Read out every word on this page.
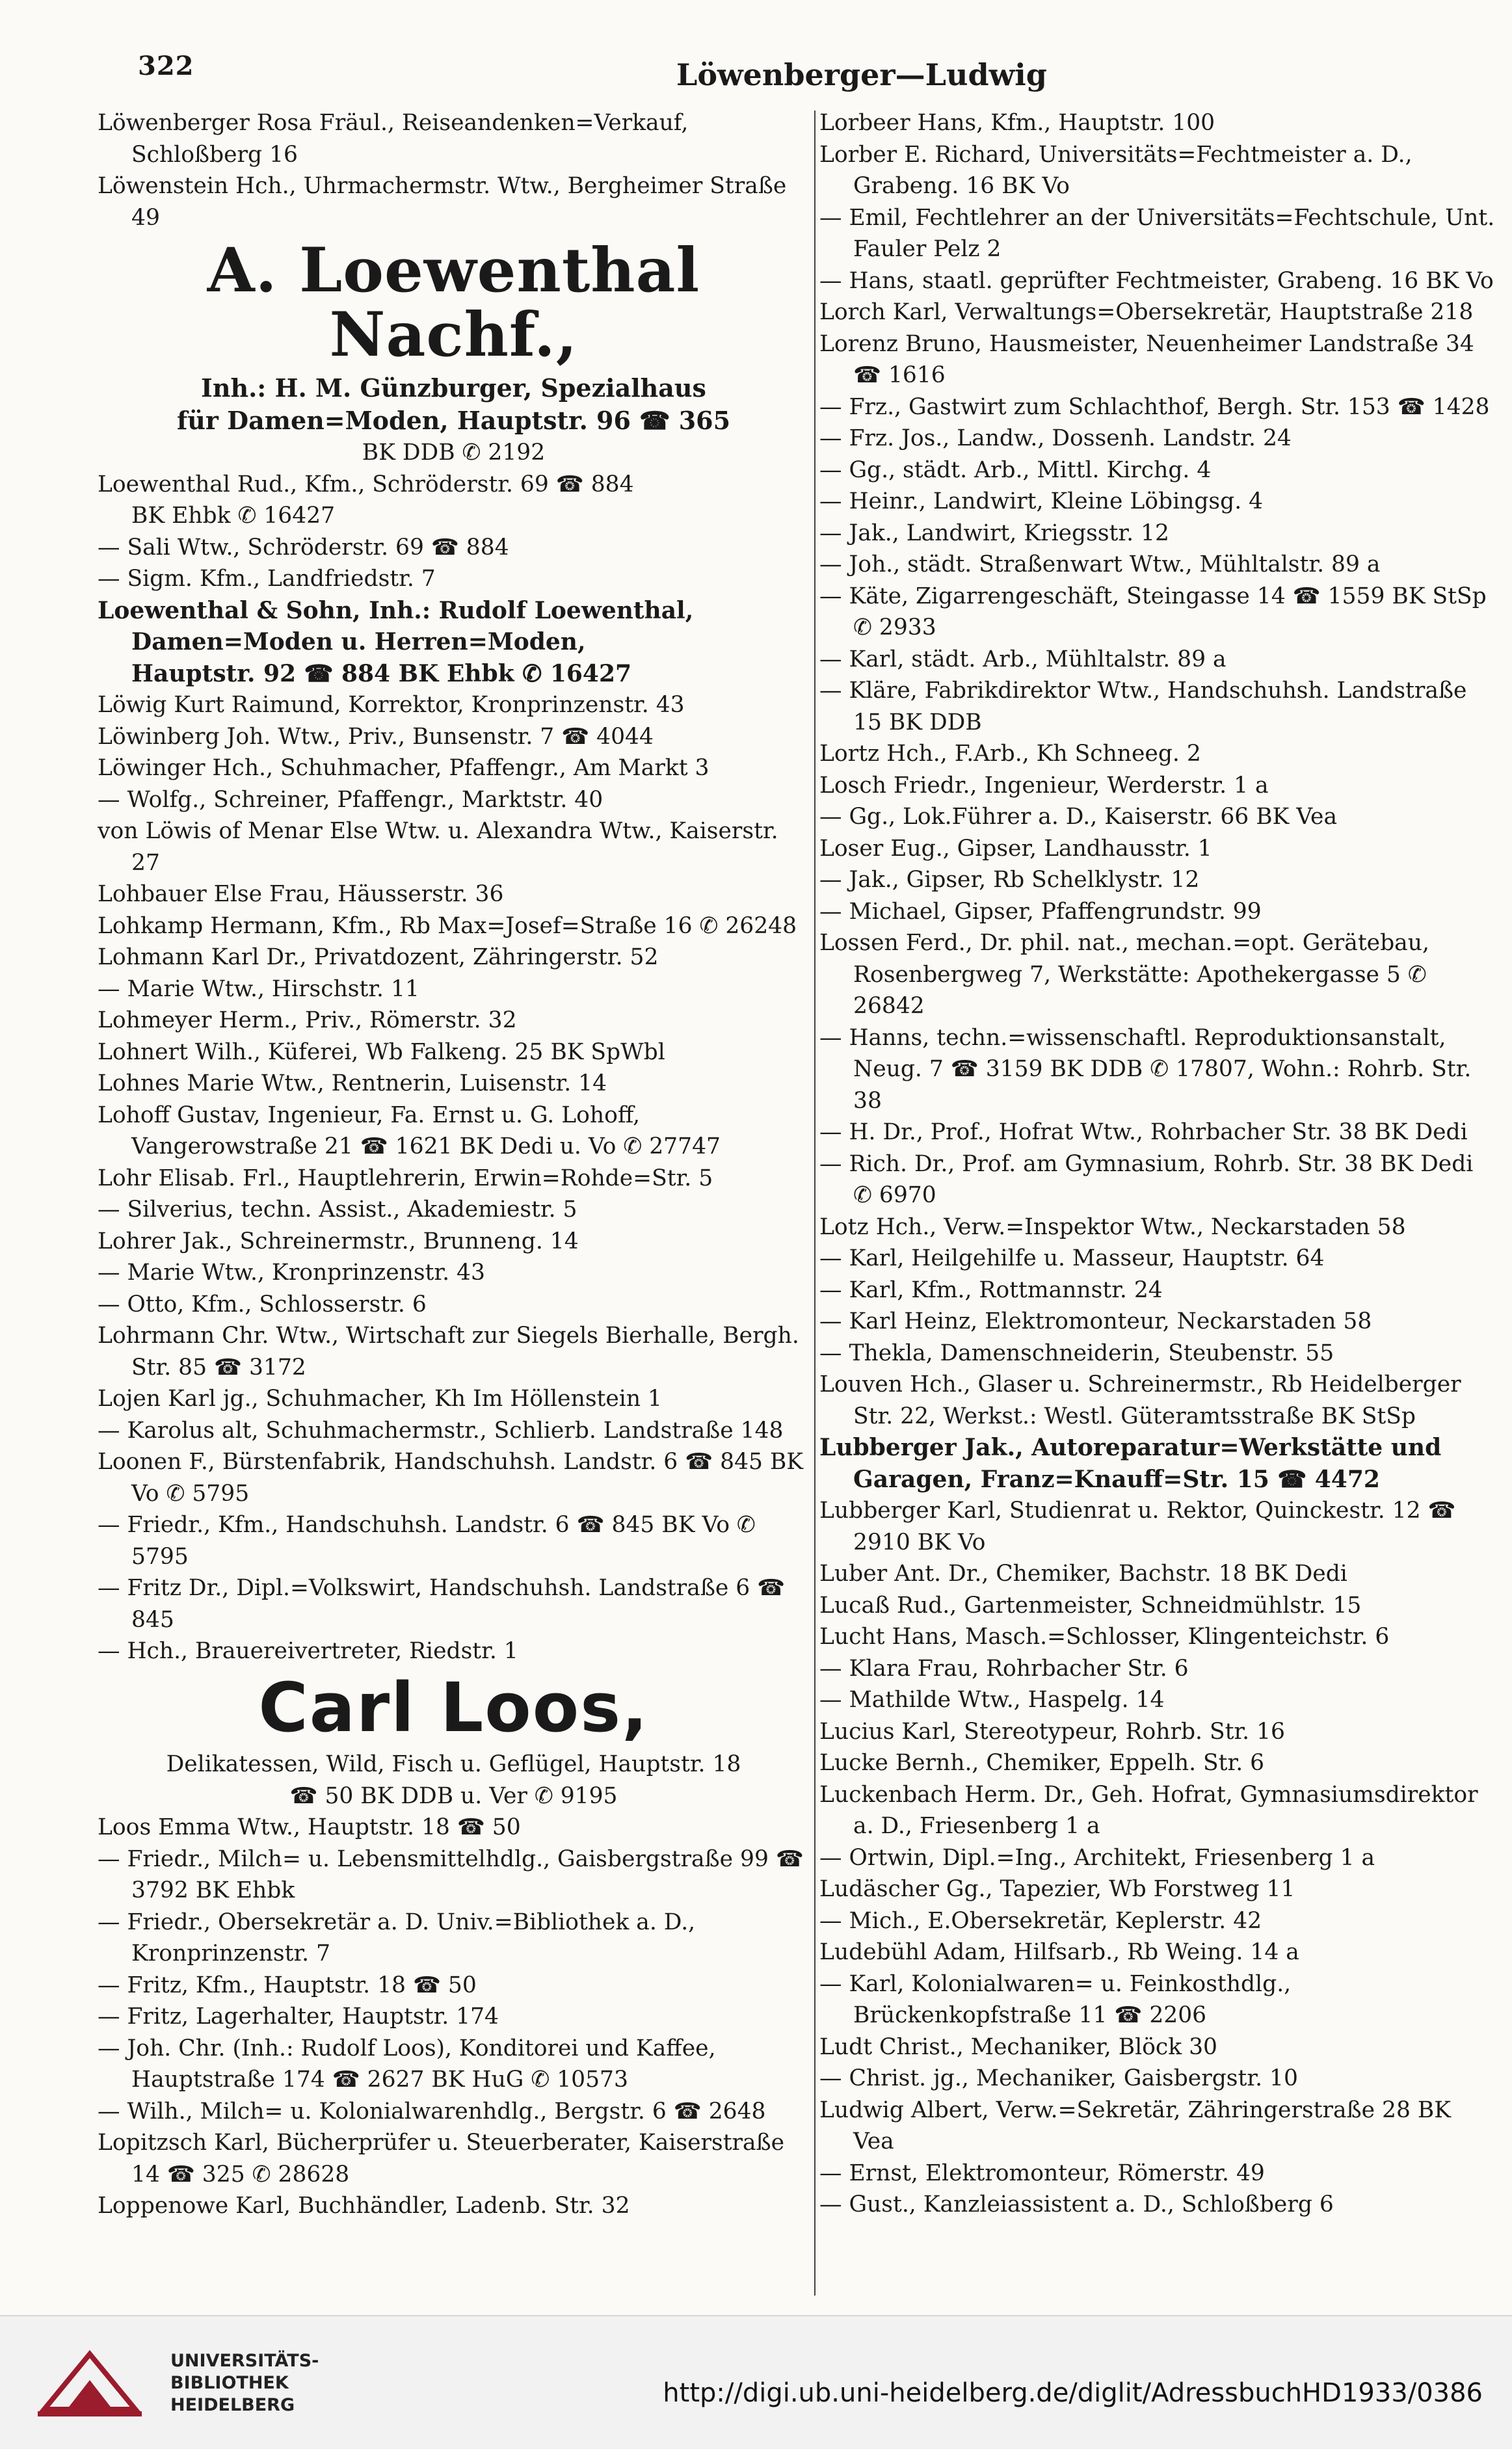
322	Löwenberger—Ludwig

Löwenberger Rosa Fräul., Reiseandenken=Verkauf, Schloßberg 16

Löwenstein Hch., Uhrmachermstr. Wtw., Bergheimer Straße 49

A. Loewenthal Nachf.,

Inh.: H. M. Günzburger, Spezialhaus

für Damen=Moden, Hauptstr. 96 ☎ 365

BK DDB ✆ 2192

Loewenthal Rud., Kfm., Schröderstr. 69 ☎ 884

BK Ehbk ✆ 16427

— Sali Wtw., Schröderstr. 69 ☎ 884

— Sigm. Kfm., Landfriedstr. 7

Loewenthal & Sohn, Inh.: Rudolf Loewenthal, Damen=Moden u. Herren=Moden,

Hauptstr. 92 ☎ 884 BK Ehbk ✆ 16427

Löwig Kurt Raimund, Korrektor, Kronprinzenstr. 43

Löwinberg Joh. Wtw., Priv., Bunsenstr. 7 ☎ 4044

Löwinger Hch., Schuhmacher, Pfaffengr., Am Markt 3

— Wolfg., Schreiner, Pfaffengr., Marktstr. 40

von Löwis of Menar Else Wtw. u. Alexandra Wtw., Kaiserstr. 27

Lohbauer Else Frau, Häusserstr. 36

Lohkamp Hermann, Kfm., Rb Max=Josef=Straße 16 ✆ 26248

Lohmann Karl Dr., Privatdozent, Zähringerstr. 52

— Marie Wtw., Hirschstr. 11

Lohmeyer Herm., Priv., Römerstr. 32

Lohnert Wilh., Küferei, Wb Falkeng. 25 BK SpWbl

Lohnes Marie Wtw., Rentnerin, Luisenstr. 14

Lohoff Gustav, Ingenieur, Fa. Ernst u. G. Lohoff, Vangerowstraße 21 ☎ 1621 BK Dedi u. Vo ✆ 27747

Lohr Elisab. Frl., Hauptlehrerin, Erwin=Rohde=Str. 5

— Silverius, techn. Assist., Akademiestr. 5

Lohrer Jak., Schreinermstr., Brunneng. 14

— Marie Wtw., Kronprinzenstr. 43

— Otto, Kfm., Schlosserstr. 6

Lohrmann Chr. Wtw., Wirtschaft zur Siegels Bierhalle, Bergh. Str. 85 ☎ 3172

Lojen Karl jg., Schuhmacher, Kh Im Höllenstein 1

— Karolus alt, Schuhmachermstr., Schlierb. Landstraße 148

Loonen F., Bürstenfabrik, Handschuhsh. Landstr. 6 ☎ 845 BK Vo ✆ 5795

— Friedr., Kfm., Handschuhsh. Landstr. 6 ☎ 845 BK Vo ✆ 5795

— Fritz Dr., Dipl.=Volkswirt, Handschuhsh. Landstraße 6 ☎ 845

— Hch., Brauereivertreter, Riedstr. 1

Carl Loos,

Delikatessen, Wild, Fisch u. Geflügel, Hauptstr. 18

☎ 50 BK DDB u. Ver ✆ 9195

Loos Emma Wtw., Hauptstr. 18 ☎ 50

— Friedr., Milch= u. Lebensmittelhdlg., Gaisbergstraße 99 ☎ 3792 BK Ehbk

— Friedr., Obersekretär a. D. Univ.=Bibliothek a. D., Kronprinzenstr. 7

— Fritz, Kfm., Hauptstr. 18 ☎ 50

— Fritz, Lagerhalter, Hauptstr. 174

— Joh. Chr. (Inh.: Rudolf Loos), Konditorei und Kaffee, Hauptstraße 174 ☎ 2627 BK HuG ✆ 10573

— Wilh., Milch= u. Kolonialwarenhdlg., Bergstr. 6 ☎ 2648

Lopitzsch Karl, Bücherprüfer u. Steuerberater, Kaiserstraße 14 ☎ 325 ✆ 28628

Loppenowe Karl, Buchhändler, Ladenb. Str. 32

Lorbeer Hans, Kfm., Hauptstr. 100

Lorber E. Richard, Universitäts=Fechtmeister a. D., Grabeng. 16 BK Vo

— Emil, Fechtlehrer an der Universitäts=Fechtschule, Unt. Fauler Pelz 2

— Hans, staatl. geprüfter Fechtmeister, Grabeng. 16 BK Vo

Lorch Karl, Verwaltungs=Obersekretär, Hauptstraße 218

Lorenz Bruno, Hausmeister, Neuenheimer Landstraße 34 ☎ 1616

— Frz., Gastwirt zum Schlachthof, Bergh. Str. 153 ☎ 1428

— Frz. Jos., Landw., Dossenh. Landstr. 24

— Gg., städt. Arb., Mittl. Kirchg. 4

— Heinr., Landwirt, Kleine Löbingsg. 4

— Jak., Landwirt, Kriegsstr. 12

— Joh., städt. Straßenwart Wtw., Mühltalstr. 89 a

— Käte, Zigarrengeschäft, Steingasse 14 ☎ 1559 BK StSp ✆ 2933

— Karl, städt. Arb., Mühltalstr. 89 a

— Kläre, Fabrikdirektor Wtw., Handschuhsh. Landstraße 15 BK DDB

Lortz Hch., F.Arb., Kh Schneeg. 2

Losch Friedr., Ingenieur, Werderstr. 1 a

— Gg., Lok.Führer a. D., Kaiserstr. 66 BK Vea

Loser Eug., Gipser, Landhausstr. 1

— Jak., Gipser, Rb Schelklystr. 12

— Michael, Gipser, Pfaffengrundstr. 99

Lossen Ferd., Dr. phil. nat., mechan.=opt. Gerätebau, Rosenbergweg 7, Werkstätte: Apothekergasse 5 ✆ 26842

— Hanns, techn.=wissenschaftl. Reproduktionsanstalt, Neug. 7 ☎ 3159 BK DDB ✆ 17807, Wohn.: Rohrb. Str. 38

— H. Dr., Prof., Hofrat Wtw., Rohrbacher Str. 38 BK Dedi

— Rich. Dr., Prof. am Gymnasium, Rohrb. Str. 38 BK Dedi ✆ 6970

Lotz Hch., Verw.=Inspektor Wtw., Neckarstaden 58

— Karl, Heilgehilfe u. Masseur, Hauptstr. 64

— Karl, Kfm., Rottmannstr. 24

— Karl Heinz, Elektromonteur, Neckarstaden 58

— Thekla, Damenschneiderin, Steubenstr. 55

Louven Hch., Glaser u. Schreinermstr., Rb Heidelberger Str. 22, Werkst.: Westl. Güteramtsstraße BK StSp

Lubberger Jak., Autoreparatur=Werkstätte und Garagen, Franz=Knauff=Str. 15 ☎ 4472

Lubberger Karl, Studienrat u. Rektor, Quinckestr. 12 ☎ 2910 BK Vo

Luber Ant. Dr., Chemiker, Bachstr. 18 BK Dedi

Lucaß Rud., Gartenmeister, Schneidmühlstr. 15

Lucht Hans, Masch.=Schlosser, Klingenteichstr. 6

— Klara Frau, Rohrbacher Str. 6

— Mathilde Wtw., Haspelg. 14

Lucius Karl, Stereotypeur, Rohrb. Str. 16

Lucke Bernh., Chemiker, Eppelh. Str. 6

Luckenbach Herm. Dr., Geh. Hofrat, Gymnasiumsdirektor a. D., Friesenberg 1 a

— Ortwin, Dipl.=Ing., Architekt, Friesenberg 1 a

Ludäscher Gg., Tapezier, Wb Forstweg 11

— Mich., E.Obersekretär, Keplerstr. 42

Ludebühl Adam, Hilfsarb., Rb Weing. 14 a

— Karl, Kolonialwaren= u. Feinkosthdlg., Brückenkopfstraße 11 ☎ 2206

Ludt Christ., Mechaniker, Blöck 30

— Christ. jg., Mechaniker, Gaisbergstr. 10

Ludwig Albert, Verw.=Sekretär, Zähringerstraße 28 BK Vea

— Ernst, Elektromonteur, Römerstr. 49

— Gust., Kanzleiassistent a. D., Schloßberg 6

UNIVERSITÄTS-
BIBLIOTHEK
HEIDELBERG	http://digi.ub.uni-heidelberg.de/diglit/AdressbuchHD1933/0386
